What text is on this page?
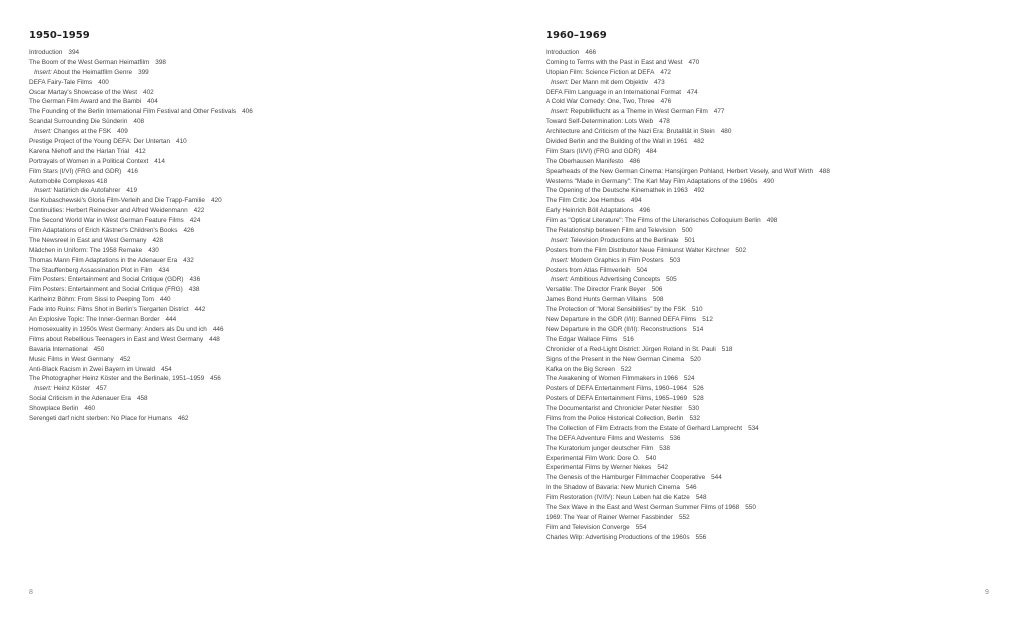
1950–1959
Introduction 394
The Boom of the West German Heimatfilm 398
Insert: About the Heimatfilm Genre 399
DEFA Fairy-Tale Films 400
Oscar Martay's Showcase of the West 402
The German Film Award and the Bambi 404
The Founding of the Berlin International Film Festival and Other Festivals 406
Scandal Surrounding Die Sünderin 408
Insert: Changes at the FSK 409
Prestige Project of the Young DEFA: Der Untertan 410
Karena Niehoff and the Harlan Trial 412
Portrayals of Women in a Political Context 414
Film Stars (I/VI) (FRG and GDR) 416
Automobile Complexes 418
Insert: Natürlich die Autofahrer 419
Ilse Kubaschewski's Gloria Film-Verleih and Die Trapp-Familie 420
Continuities: Herbert Reinecker and Alfred Weidenmann 422
The Second World War in West German Feature Films 424
Film Adaptations of Erich Kästner's Children's Books 426
The Newsreel in East and West Germany 428
Mädchen in Uniform: The 1958 Remake 430
Thomas Mann Film Adaptations in the Adenauer Era 432
The Stauffenberg Assassination Plot in Film 434
Film Posters: Entertainment and Social Critique (GDR) 436
Film Posters: Entertainment and Social Critique (FRG) 438
Karlheinz Böhm: From Sissi to Peeping Tom 440
Fade into Ruins: Films Shot in Berlin's Tiergarten District 442
An Explosive Topic: The Inner-German Border 444
Homosexuality in 1950s West Germany: Anders als Du und ich 446
Films about Rebellious Teenagers in East and West Germany 448
Bavaria International 450
Music Films in West Germany 452
Anti-Black Racism in Zwei Bayern im Urwald 454
The Photographer Heinz Köster and the Berlinale, 1951–1959 456
Insert: Heinz Köster 457
Social Criticism in the Adenauer Era 458
Showplace Berlin 460
Serengeti darf nicht sterben: No Place for Humans 462
1960–1969
Introduction 466
Coming to Terms with the Past in East and West 470
Utopian Film: Science Fiction at DEFA 472
Insert: Der Mann mit dem Objektiv 473
DEFA Film Language in an International Format 474
A Cold War Comedy: One, Two, Three 476
Insert: Republikflucht as a Theme in West German Film 477
Toward Self-Determination: Lots Weib 478
Architecture and Criticism of the Nazi Era: Brutalität in Stein 480
Divided Berlin and the Building of the Wall in 1961 482
Film Stars (II/VI) (FRG and GDR) 484
The Oberhausen Manifesto 486
Spearheads of the New German Cinema: Hansjürgen Pohland, Herbert Vesely, and Wolf Wirth 488
Westerns "Made in Germany": The Karl May Film Adaptations of the 1960s 490
The Opening of the Deutsche Kinemathek in 1963 492
The Film Critic Joe Hembus 494
Early Heinrich Böll Adaptations 496
Film as "Optical Literature": The Films of the Literarisches Colloquium Berlin 498
The Relationship between Film and Television 500
Insert: Television Productions at the Berlinale 501
Posters from the Film Distributor Neue Filmkunst Walter Kirchner 502
Insert: Modern Graphics in Film Posters 503
Posters from Atlas Filmverleih 504
Insert: Ambitious Advertising Concepts 505
Versatile: The Director Frank Beyer 506
James Bond Hunts German Villains 508
The Protection of "Moral Sensibilities" by the FSK 510
New Departure in the GDR (I/II): Banned DEFA Films 512
New Departure in the GDR (II/II): Reconstructions 514
The Edgar Wallace Films 516
Chronicler of a Red-Light District: Jürgen Roland in St. Pauli 518
Signs of the Present in the New German Cinema 520
Kafka on the Big Screen 522
The Awakening of Women Filmmakers in 1966 524
Posters of DEFA Entertainment Films, 1960–1964 526
Posters of DEFA Entertainment Films, 1965–1969 528
The Documentarist and Chronicler Peter Nestler 530
Films from the Police Historical Collection, Berlin 532
The Collection of Film Extracts from the Estate of Gerhard Lamprecht 534
The DEFA Adventure Films and Westerns 536
The Kuratorium junger deutscher Film 538
Experimental Film Work: Dore O. 540
Experimental Films by Werner Nekes 542
The Genesis of the Hamburger Filmmacher Cooperative 544
In the Shadow of Bavaria: New Munich Cinema 546
Film Restoration (IV/IV): Neun Leben hat die Katze 548
The Sex Wave in the East and West German Summer Films of 1968 550
1969: The Year of Rainer Werner Fassbinder 552
Film and Television Converge 554
Charles Wilp: Advertising Productions of the 1960s 556
8	9
